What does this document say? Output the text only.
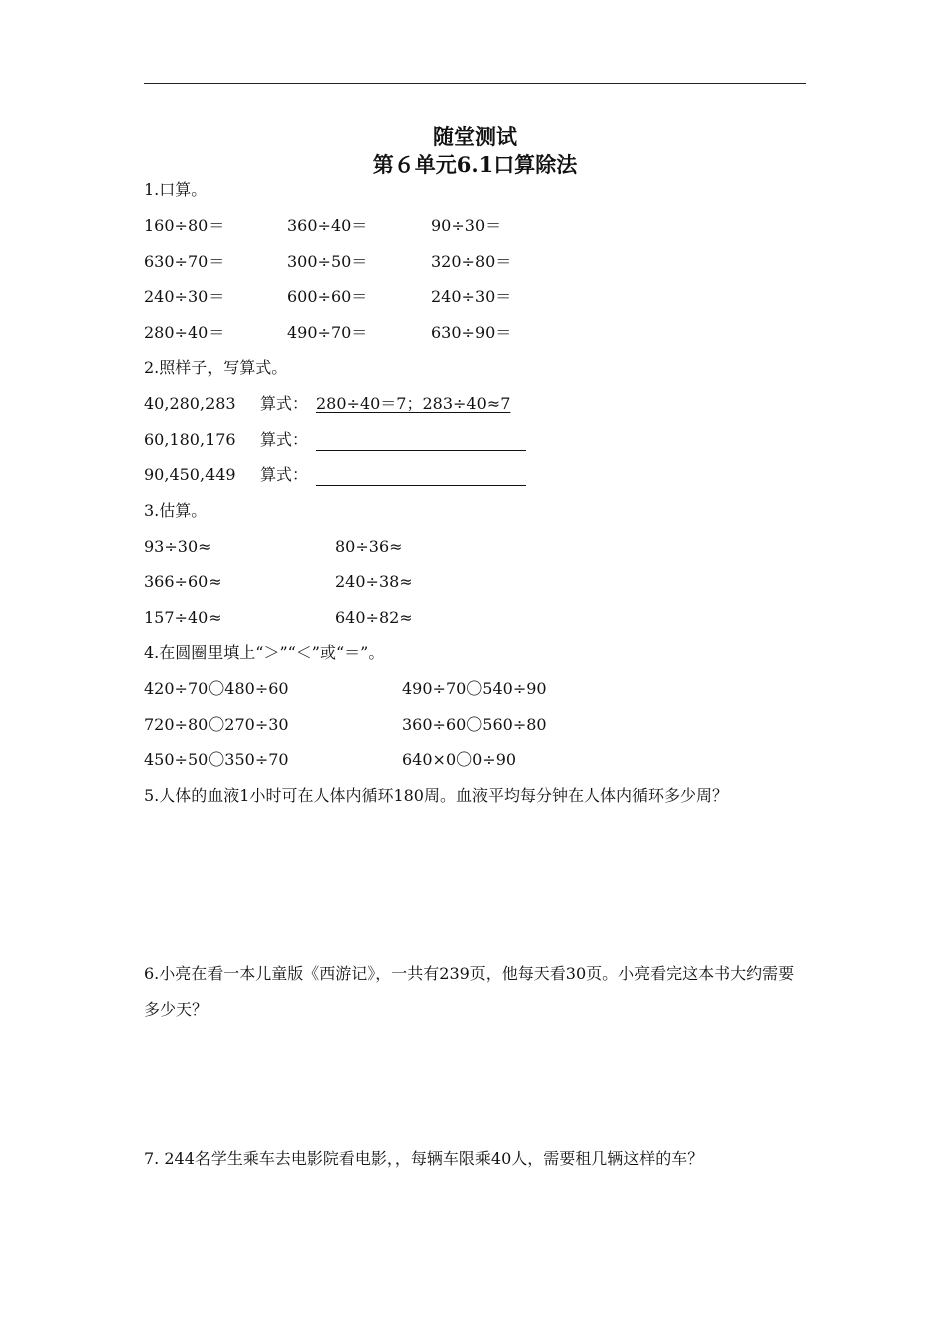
随堂测试
第６单元6.1口算除法
1.口算。
160÷80＝	360÷40＝	90÷30＝
630÷70＝	300÷50＝	320÷80＝
240÷30＝	600÷60＝	240÷30＝
280÷40＝	490÷70＝	630÷90＝
2.照样子，写算式。
40,280,283 算式： 280÷40＝7；283÷40≈7
60,180,176 算式：
90,450,449 算式：
3.估算。
93÷30≈	80÷36≈
366÷60≈	240÷38≈
157÷40≈	640÷82≈
4.在圆圈里填上“＞”“＜”或“＝”。
420÷70〇480÷60	490÷70〇540÷90
720÷80〇270÷30	360÷60〇560÷80
450÷50〇350÷70	640×0〇0÷90
5.人体的血液1小时可在人体内循环180周。血液平均每分钟在人体内循环多少周？
6.小亮在看一本儿童版《西游记》，一共有239页，他每天看30页。小亮看完这本书大约需要多少天？
7. 244名学生乘车去电影院看电影，，每辆车限乘40人，需要租几辆这样的车？
